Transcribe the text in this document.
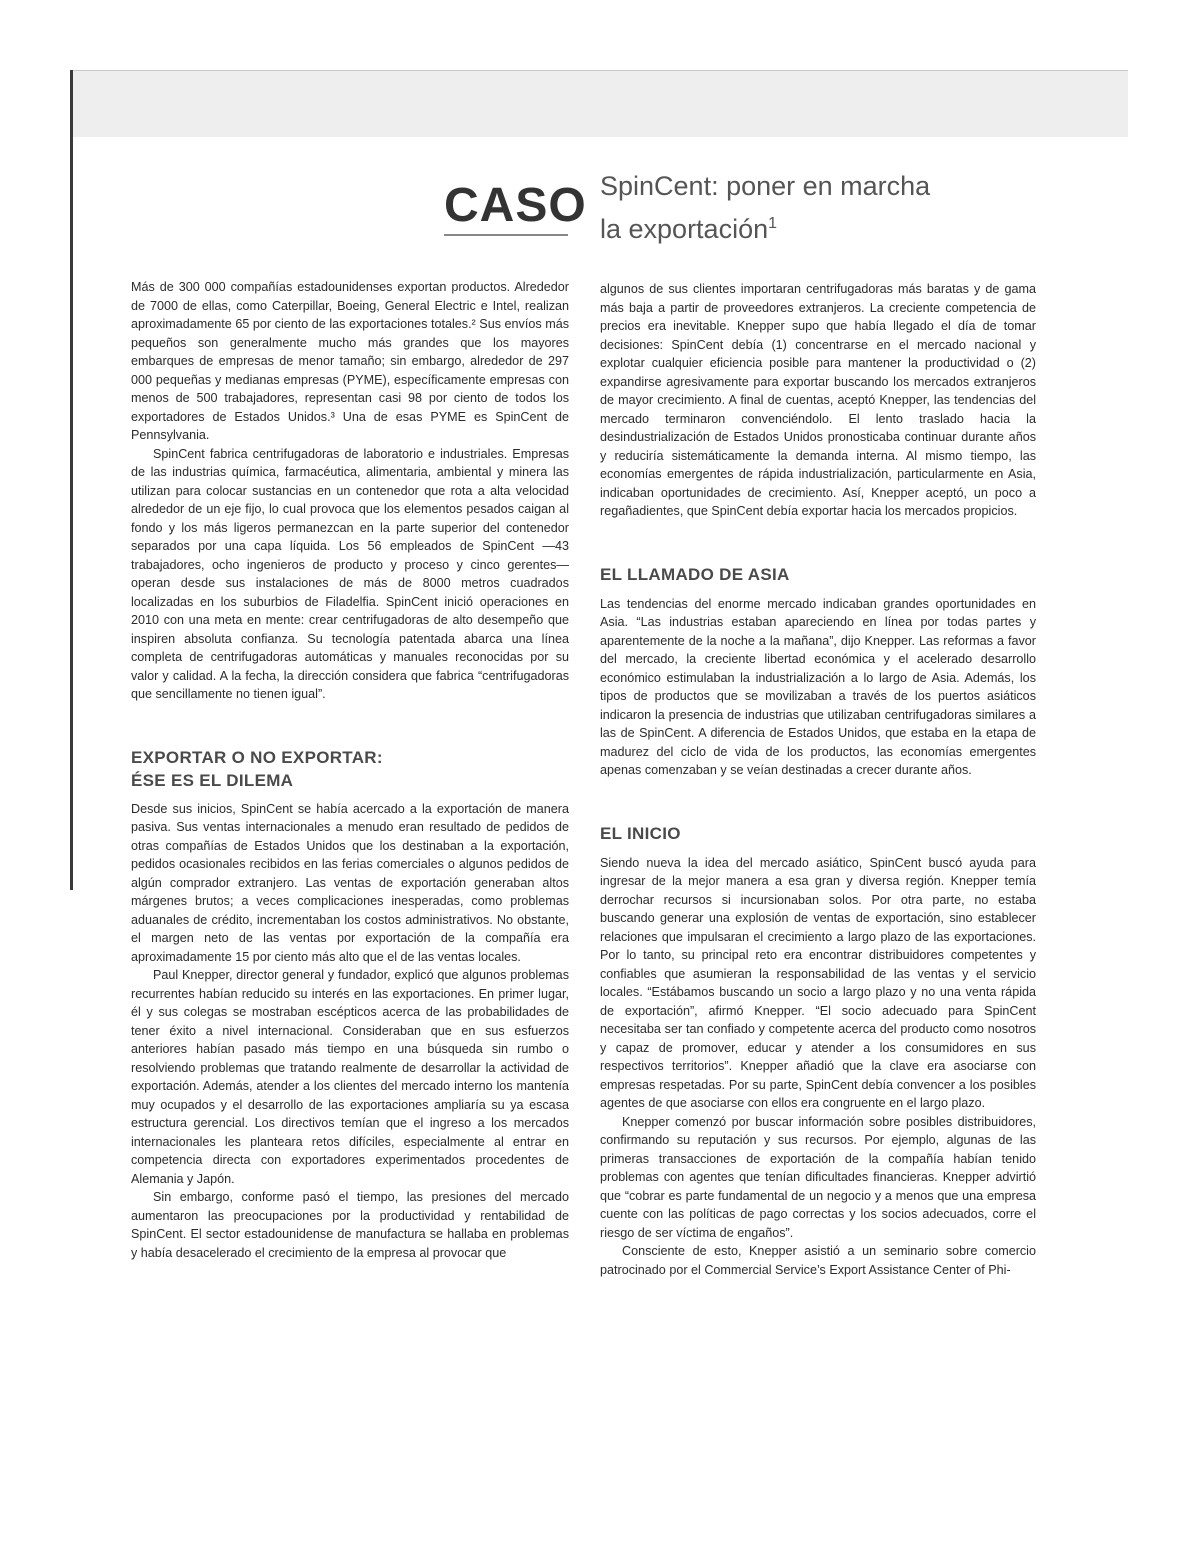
CASO SpinCent: poner en marcha
la exportación$^1$

Más de 300 000 compañías estadounidenses exportan productos. Alrededor de 7000 de ellas, como Caterpillar, Boeing, General Electric e Intel, realizan aproximadamente 65 por ciento de las exportaciones totales.² Sus envíos más pequeños son generalmente mucho más grandes que los mayores embarques de empresas de menor tamaño; sin embargo, alrededor de 297 000 pequeñas y medianas empresas (PYME), específicamente empresas con menos de 500 trabajadores, representan casi 98 por ciento de todos los exportadores de Estados Unidos.³ Una de esas PYME es SpinCent de Pennsylvania.

SpinCent fabrica centrifugadoras de laboratorio e industriales. Empresas de las industrias química, farmacéutica, alimentaria, ambiental y minera las utilizan para colocar sustancias en un contenedor que rota a alta velocidad alrededor de un eje fijo, lo cual provoca que los elementos pesados caigan al fondo y los más ligeros permanezcan en la parte superior del contenedor separados por una capa líquida. Los 56 empleados de SpinCent —43 trabajadores, ocho ingenieros de producto y proceso y cinco gerentes— operan desde sus instalaciones de más de 8000 metros cuadrados localizadas en los suburbios de Filadelfia. SpinCent inició operaciones en 2010 con una meta en mente: crear centrifugadoras de alto desempeño que inspiren absoluta confianza. Su tecnología patentada abarca una línea completa de centrifugadoras automáticas y manuales reconocidas por su valor y calidad. A la fecha, la dirección considera que fabrica “centrifugadoras que sencillamente no tienen igual”.

EXPORTAR O NO EXPORTAR:
ÉSE ES EL DILEMA

Desde sus inicios, SpinCent se había acercado a la exportación de manera pasiva. Sus ventas internacionales a menudo eran resultado de pedidos de otras compañías de Estados Unidos que los destinaban a la exportación, pedidos ocasionales recibidos en las ferias comerciales o algunos pedidos de algún comprador extranjero. Las ventas de exportación generaban altos márgenes brutos; a veces complicaciones inesperadas, como problemas aduanales de crédito, incrementaban los costos administrativos. No obstante, el margen neto de las ventas por exportación de la compañía era aproximadamente 15 por ciento más alto que el de las ventas locales.

Paul Knepper, director general y fundador, explicó que algunos problemas recurrentes habían reducido su interés en las exportaciones. En primer lugar, él y sus colegas se mostraban escépticos acerca de las probabilidades de tener éxito a nivel internacional. Consideraban que en sus esfuerzos anteriores habían pasado más tiempo en una búsqueda sin rumbo o resolviendo problemas que tratando realmente de desarrollar la actividad de exportación. Además, atender a los clientes del mercado interno los mantenía muy ocupados y el desarrollo de las exportaciones ampliaría su ya escasa estructura gerencial. Los directivos temían que el ingreso a los mercados internacionales les planteara retos difíciles, especialmente al entrar en competencia directa con exportadores experimentados procedentes de Alemania y Japón.

Sin embargo, conforme pasó el tiempo, las presiones del mercado aumentaron las preocupaciones por la productividad y rentabilidad de SpinCent. El sector estadounidense de manufactura se hallaba en problemas y había desacelerado el crecimiento de la empresa al provocar que

algunos de sus clientes importaran centrifugadoras más baratas y de gama más baja a partir de proveedores extranjeros. La creciente competencia de precios era inevitable. Knepper supo que había llegado el día de tomar decisiones: SpinCent debía (1) concentrarse en el mercado nacional y explotar cualquier eficiencia posible para mantener la productividad o (2) expandirse agresivamente para exportar buscando los mercados extranjeros de mayor crecimiento. A final de cuentas, aceptó Knepper, las tendencias del mercado terminaron convenciéndolo. El lento traslado hacia la desindustrialización de Estados Unidos pronosticaba continuar durante años y reduciría sistemáticamente la demanda interna. Al mismo tiempo, las economías emergentes de rápida industrialización, particularmente en Asia, indicaban oportunidades de crecimiento. Así, Knepper aceptó, un poco a regañadientes, que SpinCent debía exportar hacia los mercados propicios.

EL LLAMADO DE ASIA

Las tendencias del enorme mercado indicaban grandes oportunidades en Asia. “Las industrias estaban apareciendo en línea por todas partes y aparentemente de la noche a la mañana”, dijo Knepper. Las reformas a favor del mercado, la creciente libertad económica y el acelerado desarrollo económico estimulaban la industrialización a lo largo de Asia. Además, los tipos de productos que se movilizaban a través de los puertos asiáticos indicaron la presencia de industrias que utilizaban centrifugadoras similares a las de SpinCent. A diferencia de Estados Unidos, que estaba en la etapa de madurez del ciclo de vida de los productos, las economías emergentes apenas comenzaban y se veían destinadas a crecer durante años.

EL INICIO

Siendo nueva la idea del mercado asiático, SpinCent buscó ayuda para ingresar de la mejor manera a esa gran y diversa región. Knepper temía derrochar recursos si incursionaban solos. Por otra parte, no estaba buscando generar una explosión de ventas de exportación, sino establecer relaciones que impulsaran el crecimiento a largo plazo de las exportaciones. Por lo tanto, su principal reto era encontrar distribuidores competentes y confiables que asumieran la responsabilidad de las ventas y el servicio locales. “Estábamos buscando un socio a largo plazo y no una venta rápida de exportación”, afirmó Knepper. “El socio adecuado para SpinCent necesitaba ser tan confiado y competente acerca del producto como nosotros y capaz de promover, educar y atender a los consumidores en sus respectivos territorios”. Knepper añadió que la clave era asociarse con empresas respetadas. Por su parte, SpinCent debía convencer a los posibles agentes de que asociarse con ellos era congruente en el largo plazo.

Knepper comenzó por buscar información sobre posibles distribuidores, confirmando su reputación y sus recursos. Por ejemplo, algunas de las primeras transacciones de exportación de la compañía habían tenido problemas con agentes que tenían dificultades financieras. Knepper advirtió que “cobrar es parte fundamental de un negocio y a menos que una empresa cuente con las políticas de pago correctas y los socios adecuados, corre el riesgo de ser víctima de engaños”.

Consciente de esto, Knepper asistió a un seminario sobre comercio patrocinado por el Commercial Service’s Export Assistance Center of Phi-
